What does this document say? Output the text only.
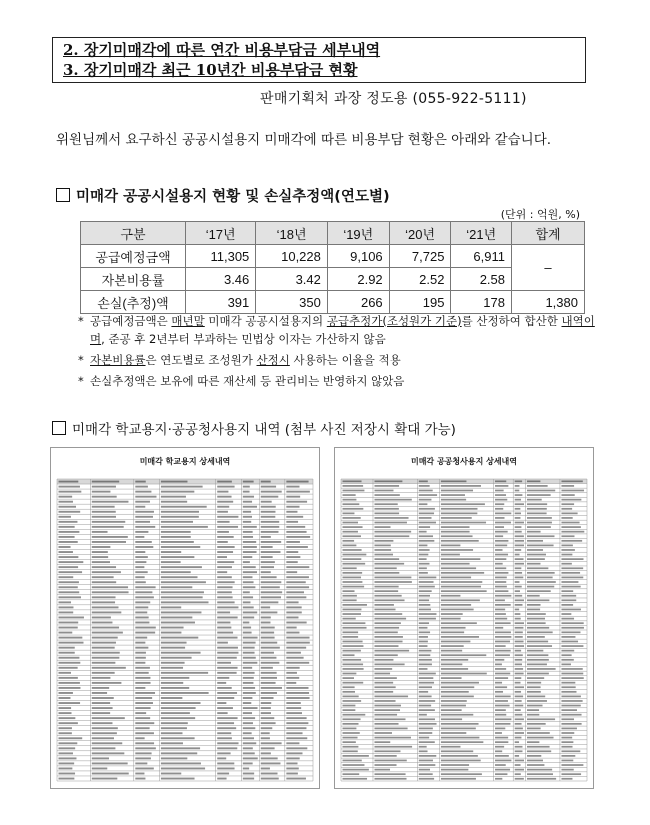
2. 장기미매각에 따른 연간 비용부담금 세부내역
3. 장기미매각 최근 10년간 비용부담금 현황
판매기획처 과장 정도용 (055-922-5111)
위원님께서 요구하신 공공시설용지 미매각에 따른 비용부담 현황은 아래와 같습니다.
미매각 공공시설용지 현황 및 손실추정액(연도별)
(단위 : 억원, %)
구분	‘17년	‘18년	‘19년	‘20년	‘21년	합계
공급예정금액	11,305	10,228	9,106	7,725	6,911	–
자본비용률	3.46	3.42	2.92	2.52	2.58	
손실(추정)액	391	350	266	195	178	1,380
* 공급예정금액은 매년말 미매각 공공시설용지의 공급추정가(조성원가 기준)를 산정하여 합산한 내역이며, 준공 후 2년부터 부과하는 민법상 이자는 가산하지 않음
* 자본비용률은 연도별로 조성원가 산정시 사용하는 이율을 적용
* 손실추정액은 보유에 따른 재산세 등 관리비는 반영하지 않았음
미매각 학교용지·공공청사용지 내역 (첨부 사진 저장시 확대 가능)
미매각 학교용지 상세내역	미매각 공공청사용지 상세내역
